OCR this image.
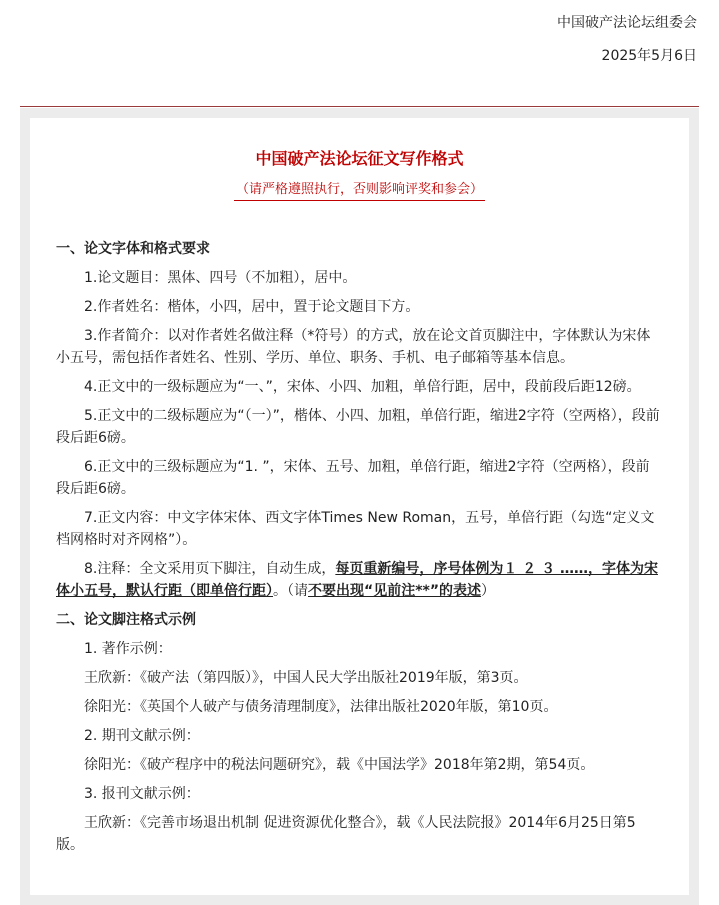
中国破产法论坛组委会
2025年5月6日
中国破产法论坛征文写作格式
（请严格遵照执行，否则影响评奖和参会）

一、论文字体和格式要求

1.论文题目：黑体、四号（不加粗），居中。

2.作者姓名：楷体，小四，居中，置于论文题目下方。

3.作者简介：以对作者姓名做注释（*符号）的方式，放在论文首页脚注中，字体默认为宋体小五号，需包括作者姓名、性别、学历、单位、职务、手机、电子邮箱等基本信息。

4.正文中的一级标题应为“一、”，宋体、小四、加粗，单倍行距，居中，段前段后距12磅。

5.正文中的二级标题应为“（一）”，楷体、小四、加粗，单倍行距，缩进2字符（空两格），段前段后距6磅。

6.正文中的三级标题应为“1. ”，宋体、五号、加粗，单倍行距，缩进2字符（空两格），段前段后距6磅。

7.正文内容：中文字体宋体、西文字体Times New Roman，五号，单倍行距（勾选“定义文档网格时对齐网格”）。

8.注释：全文采用页下脚注，自动生成，每页重新编号，序号体例为１ ２ ３ ……，字体为宋体小五号，默认行距（即单倍行距）。（请不要出现“见前注**”的表述）

二、论文脚注格式示例

1. 著作示例：

王欣新：《破产法（第四版）》，中国人民大学出版社2019年版，第3页。

徐阳光：《英国个人破产与债务清理制度》，法律出版社2020年版，第10页。

2. 期刊文献示例：

徐阳光：《破产程序中的税法问题研究》，载《中国法学》2018年第2期，第54页。

3. 报刊文献示例：

王欣新：《完善市场退出机制 促进资源优化整合》，载《人民法院报》2014年6月25日第5版。
